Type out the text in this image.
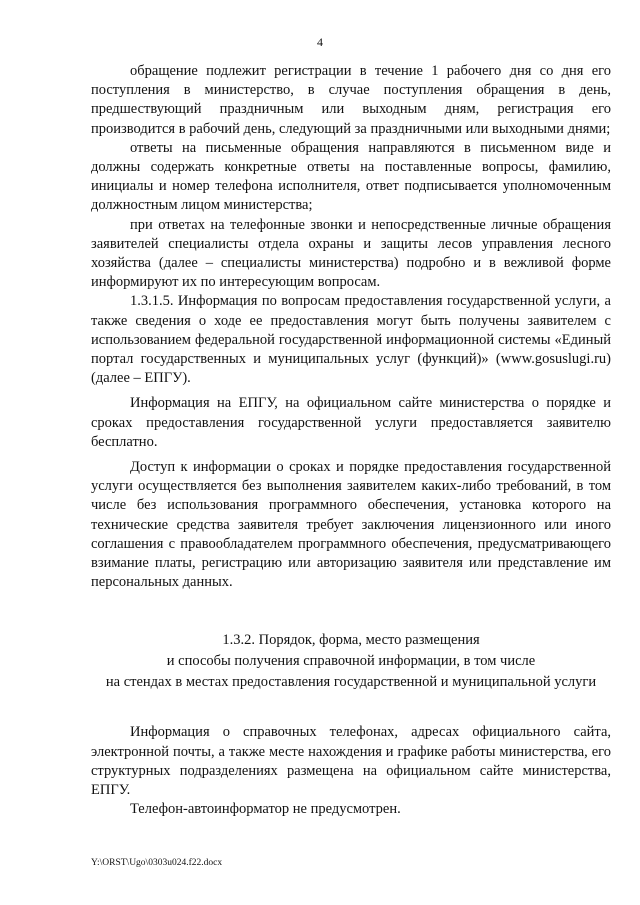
4

обращение подлежит регистрации в течение 1 рабочего дня со дня его поступления в министерство, в случае поступления обращения в день, предшествующий праздничным или выходным дням, регистрация его производится в рабочий день, следующий за праздничными или выходными днями;

ответы на письменные обращения направляются в письменном виде и должны содержать конкретные ответы на поставленные вопросы, фамилию, инициалы и номер телефона исполнителя, ответ подписывается уполномоченным должностным лицом министерства;

при ответах на телефонные звонки и непосредственные личные обращения заявителей специалисты отдела охраны и защиты лесов управления лесного хозяйства (далее – специалисты министерства) подробно и в вежливой форме информируют их по интересующим вопросам.

1.3.1.5. Информация по вопросам предоставления государственной услуги, а также сведения о ходе ее предоставления могут быть получены заявителем с использованием федеральной государственной информационной системы «Единый портал государственных и муниципальных услуг (функций)» (www.gosuslugi.ru) (далее – ЕПГУ).

Информация на ЕПГУ, на официальном сайте министерства о порядке и сроках предоставления государственной услуги предоставляется заявителю бесплатно.

Доступ к информации о сроках и порядке предоставления государственной услуги осуществляется без выполнения заявителем каких-либо требований, в том числе без использования программного обеспечения, установка которого на технические средства заявителя требует заключения лицензионного или иного соглашения с правообладателем программного обеспечения, предусматривающего взимание платы, регистрацию или авторизацию заявителя или представление им персональных данных.

1.3.2. Порядок, форма, место размещения
и способы получения справочной информации, в том числе
на стендах в местах предоставления государственной и муниципальной услуги

Информация о справочных телефонах, адресах официального сайта, электронной почты, а также месте нахождения и графике работы министерства, его структурных подразделениях размещена на официальном сайте министерства, ЕПГУ.

Телефон-автоинформатор не предусмотрен.

Y:\ORST\Ugo\0303u024.f22.docx
